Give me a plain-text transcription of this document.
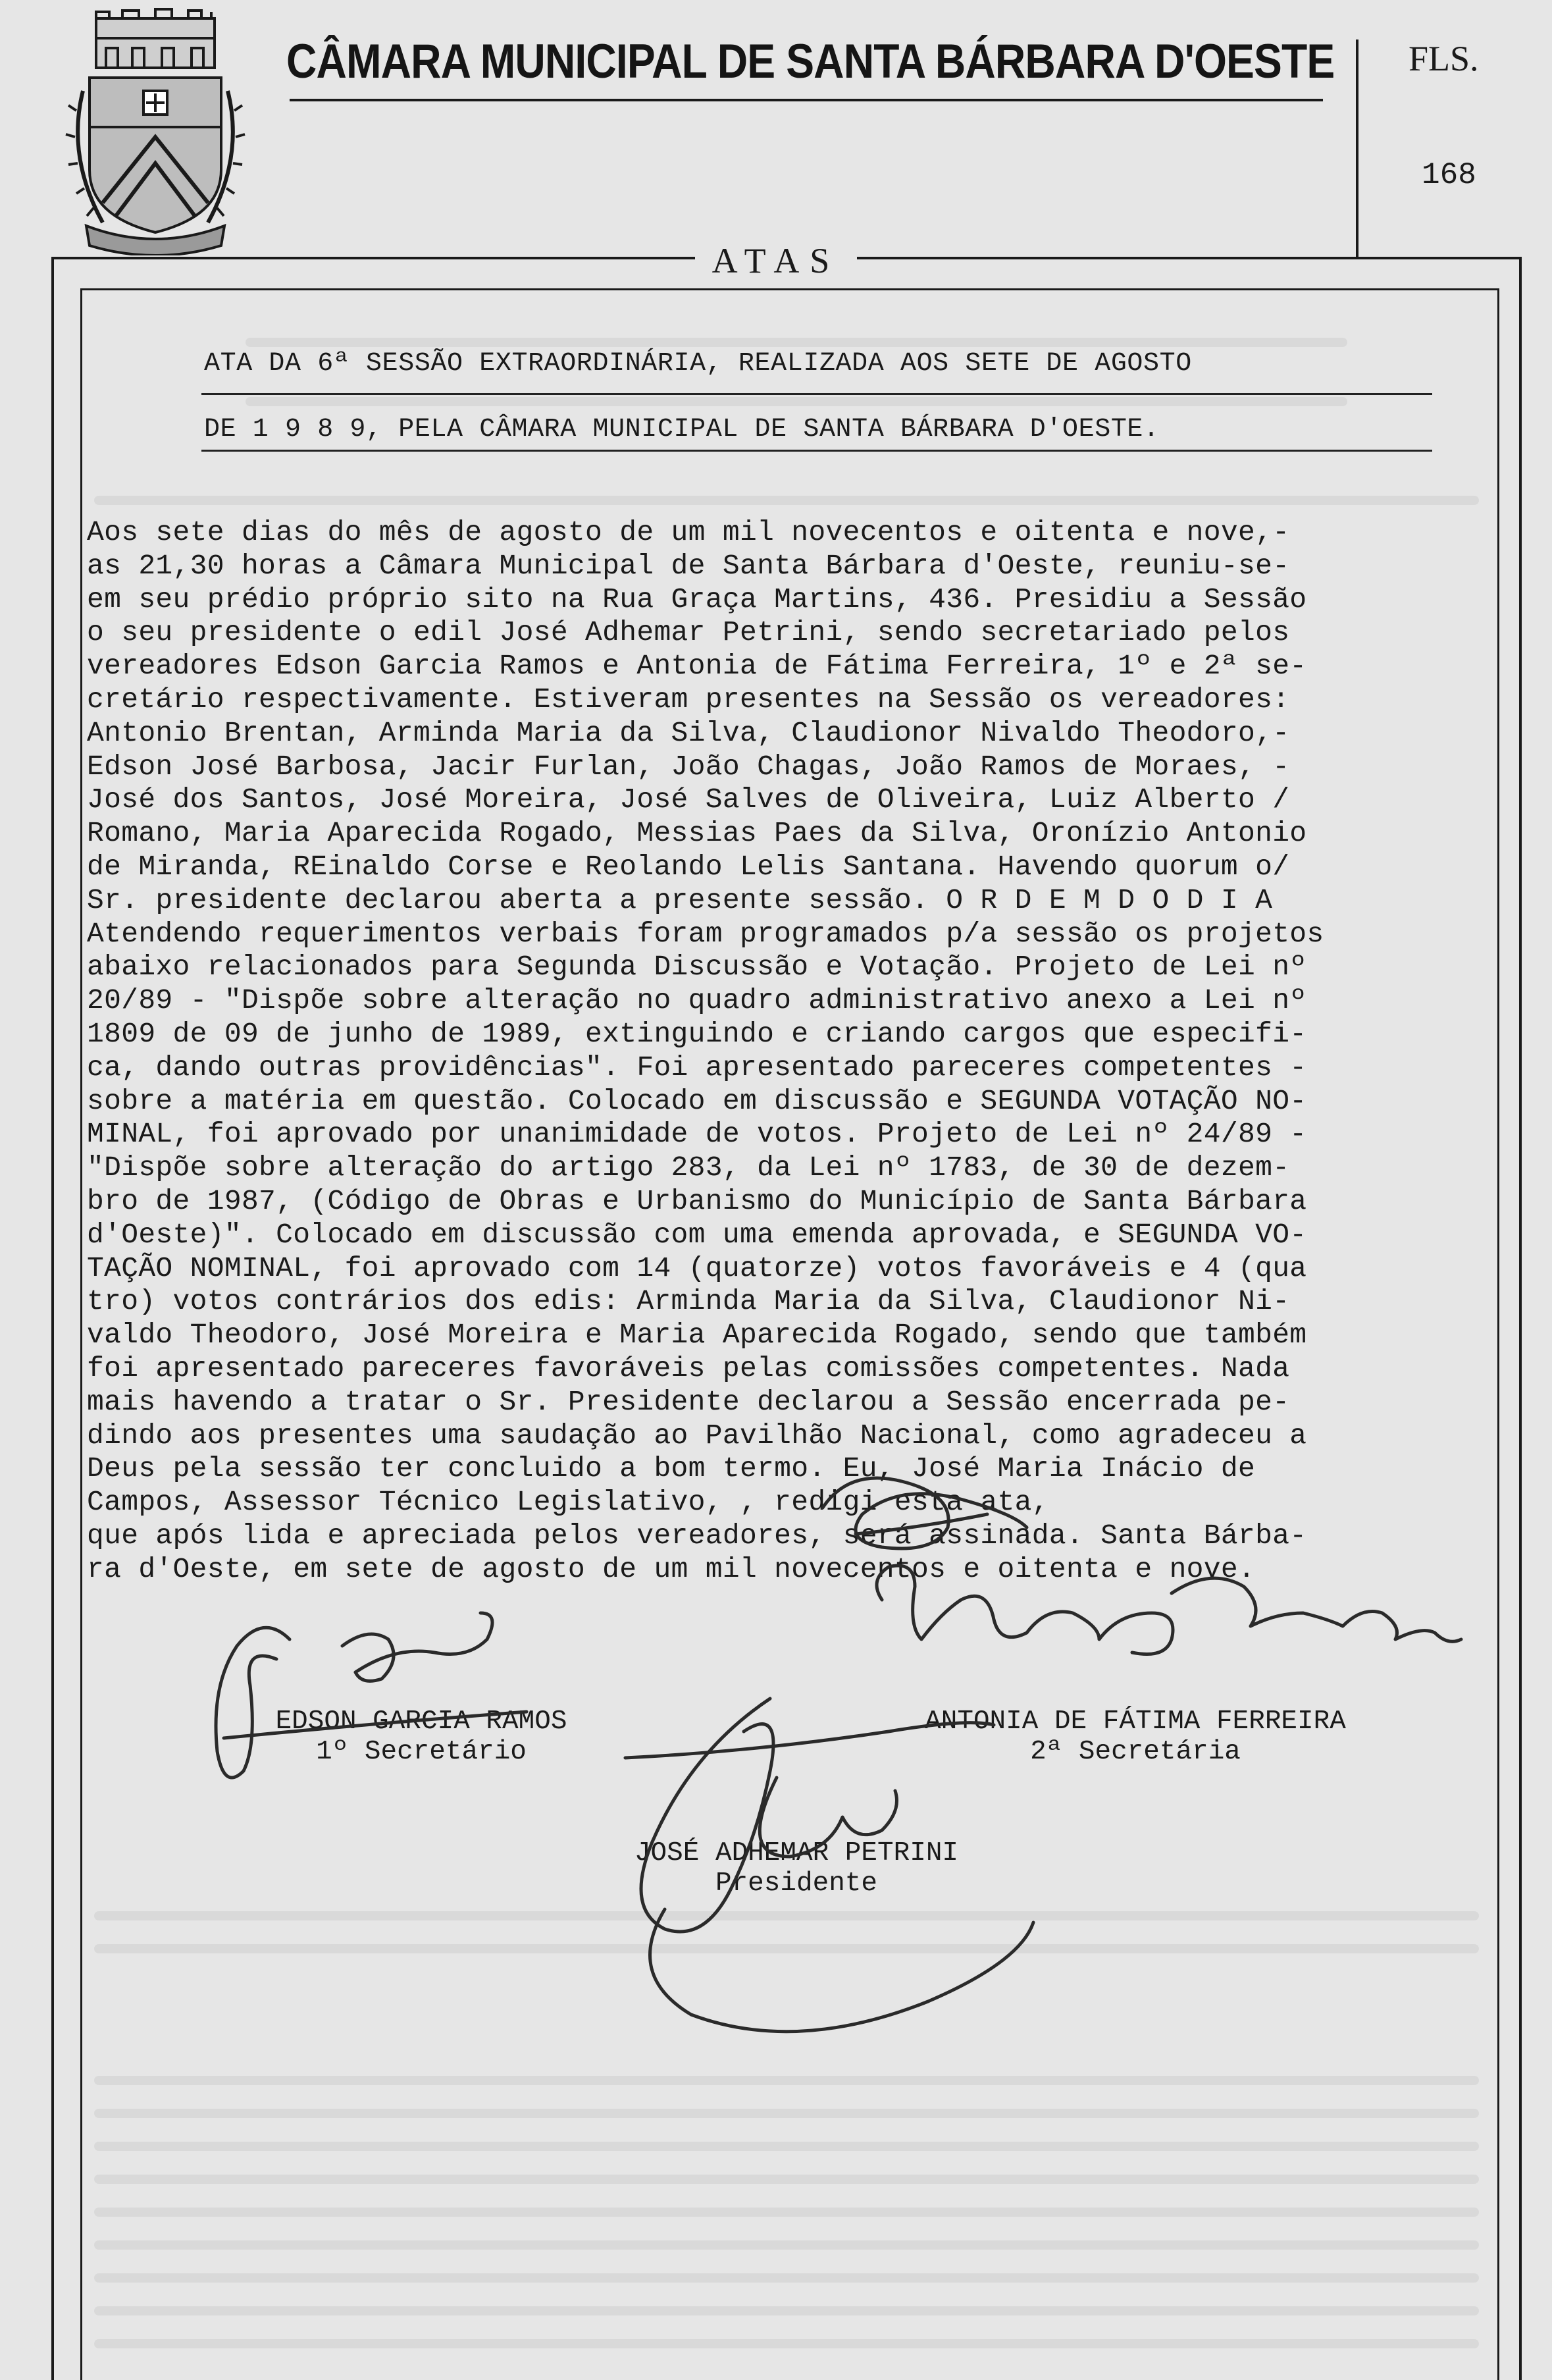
CÂMARA MUNICIPAL DE SANTA BÁRBARA D'OESTE FLS.
168
ATAS
ATA DA 6ª SESSÃO EXTRAORDINÁRIA, REALIZADA AOS SETE DE AGOSTO
DE 1 9 8 9, PELA CÂMARA MUNICIPAL DE SANTA BÁRBARA D'OESTE.
Aos sete dias do mês de agosto de um mil novecentos e oitenta e nove,-
as 21,30 horas a Câmara Municipal de Santa Bárbara d'Oeste, reuniu-se-
em seu prédio próprio sito na Rua Graça Martins, 436. Presidiu a Sessão
o seu presidente o edil José Adhemar Petrini, sendo secretariado pelos
vereadores Edson Garcia Ramos e Antonia de Fátima Ferreira, 1º e 2ª se-
cretário respectivamente. Estiveram presentes na Sessão os vereadores:
Antonio Brentan, Arminda Maria da Silva, Claudionor Nivaldo Theodoro,-
Edson José Barbosa, Jacir Furlan, João Chagas, João Ramos de Moraes, -
José dos Santos, José Moreira, José Salves de Oliveira, Luiz Alberto /
Romano, Maria Aparecida Rogado, Messias Paes da Silva, Oronízio Antonio
de Miranda, REinaldo Corse e Reolando Lelis Santana. Havendo quorum o/
Sr. presidente declarou aberta a presente sessão. O R D E M D O D I A
Atendendo requerimentos verbais foram programados p/a sessão os projetos
abaixo relacionados para Segunda Discussão e Votação. Projeto de Lei nº
20/89 - "Dispõe sobre alteração no quadro administrativo anexo a Lei nº
1809 de 09 de junho de 1989, extinguindo e criando cargos que especifi-
ca, dando outras providências". Foi apresentado pareceres competentes -
sobre a matéria em questão. Colocado em discussão e SEGUNDA VOTAÇÃO NO-
MINAL, foi aprovado por unanimidade de votos. Projeto de Lei nº 24/89 -
"Dispõe sobre alteração do artigo 283, da Lei nº 1783, de 30 de dezem-
bro de 1987, (Código de Obras e Urbanismo do Município de Santa Bárbara
d'Oeste)". Colocado em discussão com uma emenda aprovada, e SEGUNDA VO-
TAÇÃO NOMINAL, foi aprovado com 14 (quatorze) votos favoráveis e 4 (qua
tro) votos contrários dos edis: Arminda Maria da Silva, Claudionor Ni-
valdo Theodoro, José Moreira e Maria Aparecida Rogado, sendo que também
foi apresentado pareceres favoráveis pelas comissões competentes. Nada
mais havendo a tratar o Sr. Presidente declarou a Sessão encerrada pe-
dindo aos presentes uma saudação ao Pavilhão Nacional, como agradeceu a
Deus pela sessão ter concluido a bom termo. Eu, José Maria Inácio de
Campos, Assessor Técnico Legislativo, , redigi esta ata,
que após lida e apreciada pelos vereadores, será assinada. Santa Bárba-
ra d'Oeste, em sete de agosto de um mil novecentos e oitenta e nove.
EDSON GARCIA RAMOS
1º Secretário
ANTONIA DE FÁTIMA FERREIRA
2ª Secretária
JOSÉ ADHEMAR PETRINI
Presidente
